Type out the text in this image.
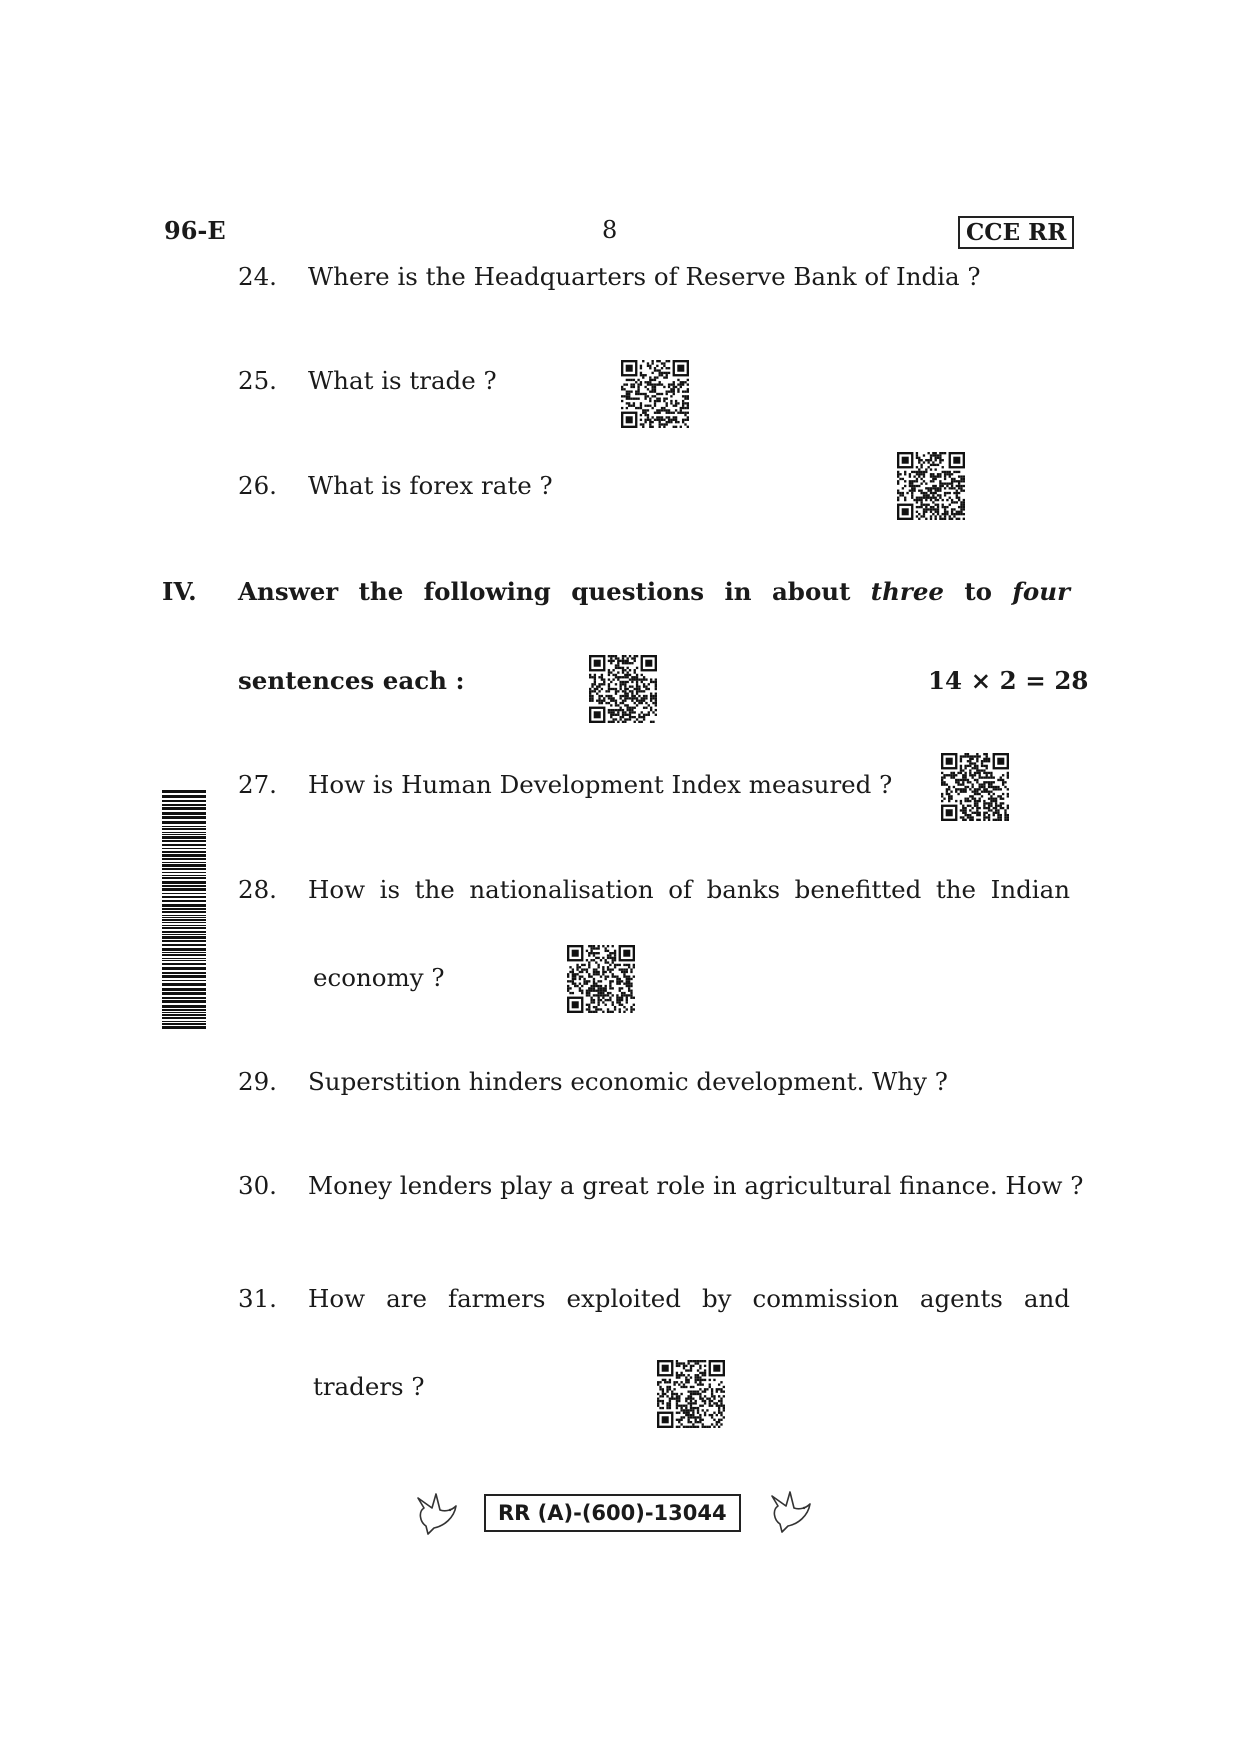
96-E	8	CCE RR
24.	Where is the Headquarters of Reserve Bank of India ?
25.	What is trade ?
26.	What is forex rate ?
IV. Answer the following questions in about three to four
sentences each :	14 × 2 = 28
27.	How is Human Development Index measured ?
28.	How is the nationalisation of banks benefitted the Indian
economy ?
29.	Superstition hinders economic development. Why ?
30.	Money lenders play a great role in agricultural finance. How ?
31.	How are farmers exploited by commission agents and
traders ?
RR (A)-(600)-13044
